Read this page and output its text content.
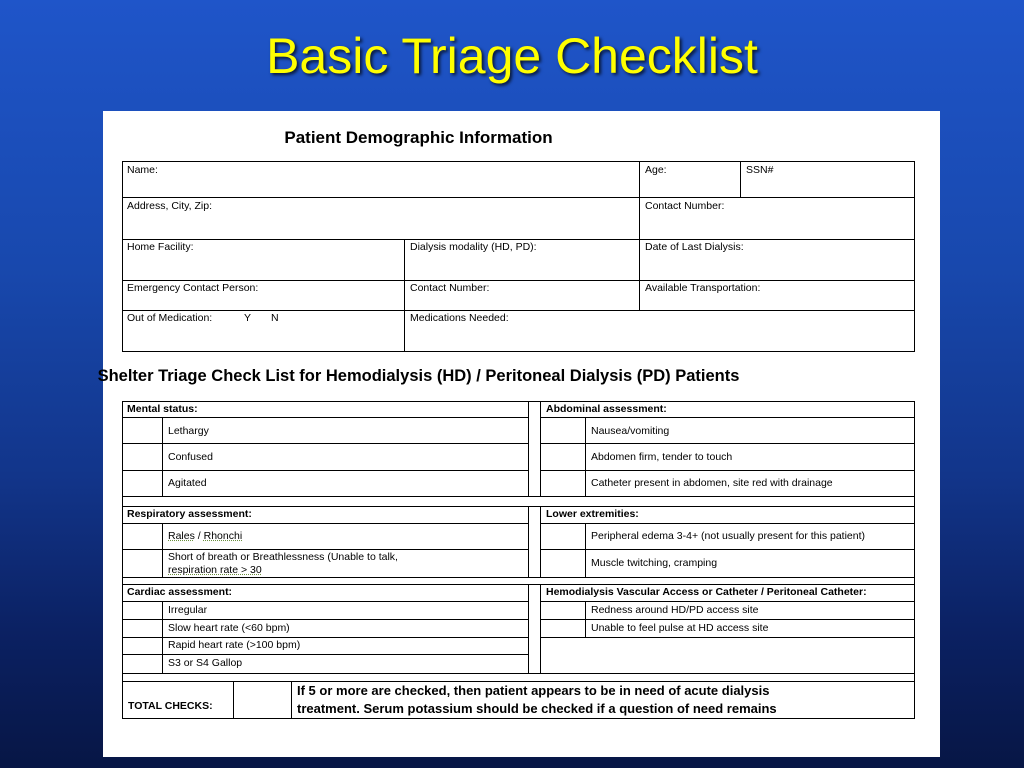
Basic Triage Checklist
Patient Demographic Information
Name:	Age:	SSN#
Address, City, Zip:	Contact Number:
Home Facility:	Dialysis modality (HD, PD):	Date of Last Dialysis:
Emergency Contact Person:	Contact Number:	Available Transportation:
Out of Medication:	Y N	Medications Needed:
Shelter Triage Check List for Hemodialysis (HD) / Peritoneal Dialysis (PD) Patients
Mental status:
Lethargy
Confused
Agitated
Abdominal assessment:
Nausea/vomiting
Abdomen firm, tender to touch
Catheter present in abdomen, site red with drainage
Respiratory assessment:
Rales / Rhonchi
Short of breath or Breathlessness (Unable to talk,
respiration rate > 30
Lower extremities:
Peripheral edema 3-4+ (not usually present for this patient)
Muscle twitching, cramping
Cardiac assessment:
Irregular
Slow heart rate (<60 bpm)
Rapid heart rate (>100 bpm)
S3 or S4 Gallop
Hemodialysis Vascular Access or Catheter / Peritoneal Catheter:
Redness around HD/PD access site
Unable to feel pulse at HD access site
TOTAL CHECKS:
If 5 or more are checked, then patient appears to be in need of acute dialysis
treatment. Serum potassium should be checked if a question of need remains
